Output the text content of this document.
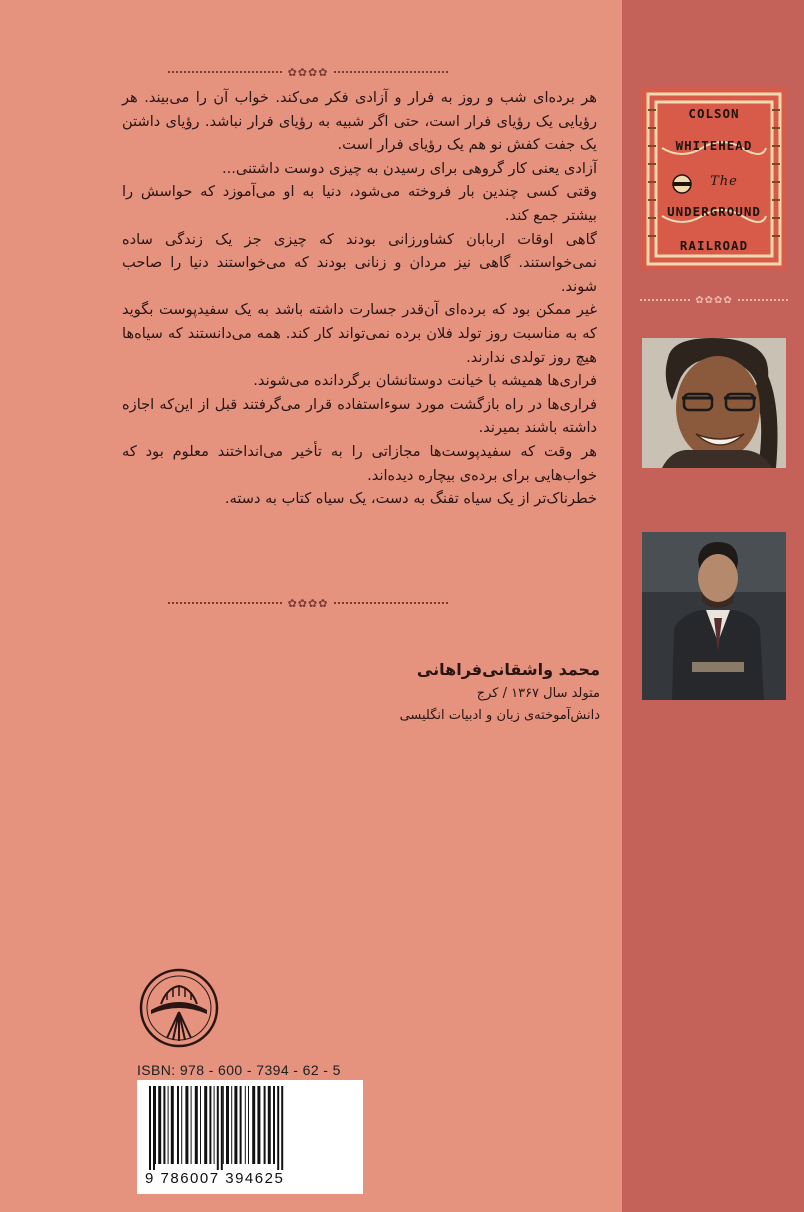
✿✿✿✿

هر برده‌ای شب و روز به فرار و آزادی فکر می‌کند. خواب آن را می‌بیند. هر رؤیایی یک رؤیای فرار است، حتی اگر شبیه به رؤیای فرار نباشد. رؤیای داشتن یک جفت کفش نو هم یک رؤیای فرار است.

آزادی یعنی کار گروهی برای رسیدن به چیزی دوست داشتنی...

وقتی کسی چندین بار فروخته می‌شود، دنیا به او می‌آموزد که حواسش را بیشتر جمع کند.

گاهی اوقات اربابان کشاورزانی بودند که چیزی جز یک زندگی ساده نمی‌خواستند. گاهی نیز مردان و زنانی بودند که می‌خواستند دنیا را صاحب شوند.

غیر ممکن بود که برده‌ای آن‌قدر جسارت داشته باشد به یک سفیدپوست بگوید که به مناسبت روز تولد فلان برده نمی‌تواند کار کند. همه می‌دانستند که سیاه‌ها هیچ روز تولدی ندارند.

فراری‌ها همیشه با خیانت دوستانشان برگردانده می‌شوند.

فراری‌ها در راه بازگشت مورد سوءاستفاده قرار می‌گرفتند قبل از این‌که اجازه داشته باشند بمیرند.

هر وقت که سفیدپوست‌ها مجازاتی را به تأخیر می‌انداختند معلوم بود که خواب‌هایی برای برده‌ی بیچاره دیده‌اند.

خطرناک‌تر از یک سیاه تفنگ به دست، یک سیاه کتاب به دسته.

✿✿✿✿
محمد واشقانی‌فراهانی
متولد سال ۱۳۶۷ / کرج
دانش‌آموخته‌ی زبان و ادبیات انگلیسی
ISBN: 978 - 600 - 7394 - 62 - 5
9 786007 394625
COLSON
WHITEHEAD
The
UNDERGROUND
RAILROAD
✿✿✿✿
